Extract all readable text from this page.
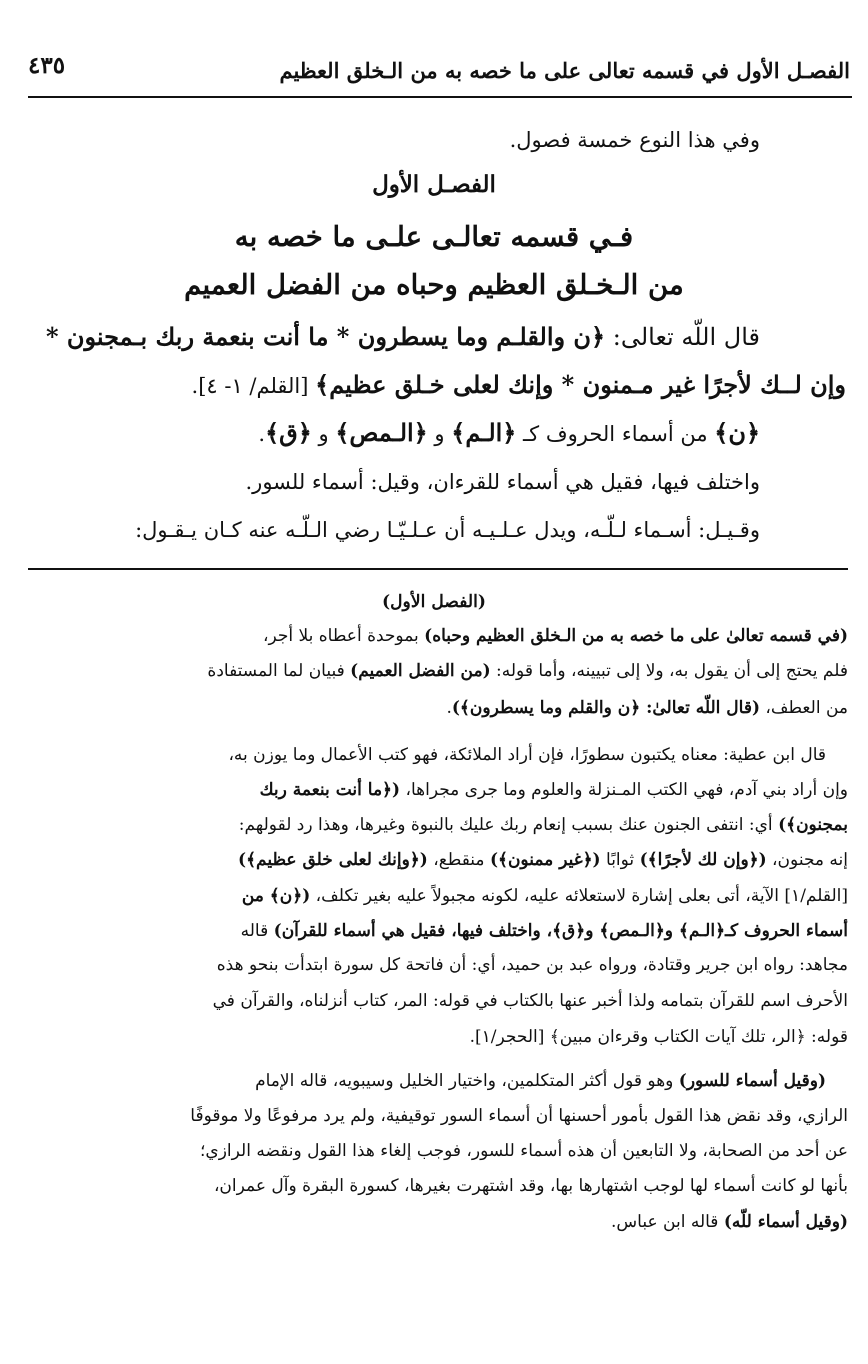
الفصـل الأول في قسمه تعالى على ما خصه به من الـخلق العظيم
٤٣٥
وفي هذا النوع خمسة فصول.
الفصـل الأول
فـي قسمه تعالـى علـى ما خصه به
من الـخـلق العظيم وحباه من الفضل العميم
قال اللّه تعالى: ﴿ن والقلـم وما يسطرون * ما أنت بنعمة ربك بـمجنون *
وإن لــك لأجرًا غير مـمنون * وإنك لعلى خـلق عظيم﴾ [القلم/ ١- ٤].
﴿ن﴾ من أسماء الحروف كـ ﴿الـم﴾ و ﴿الـمص﴾ و ﴿ق﴾.
واختلف فيها، فقيل هي أسماء للقرءان، وقيل: أسماء للسور.
وقـيـل: أسـماء لـلّـه، ويدل عـلـيـه أن عـلـيّـا رضي الـلّـه عنه كـان يـقـول:
(الفصل الأول)
(في قسمه تعالىٰ على ما خصه به من الـخلق العظيم وحباه) بموحدة أعطاه بلا أجر،
فلم يحتج إلى أن يقول به، ولا إلى تبيينه، وأما قوله: (من الفضل العميم) فبيان لما المستفادة
من العطف، (قال اللّه تعالىٰ: ﴿ن والقلم وما يسطرون﴾).
قال ابن عطية: معناه يكتبون سطورًا، فإن أراد الملائكة، فهو كتب الأعمال وما يوزن به،
وإن أراد بني آدم، فهي الكتب المـنزلة والعلوم وما جرى مجراها، (﴿ما أنت بنعمة ربك
بمجنون﴾) أي: انتفى الجنون عنك بسبب إنعام ربك عليك بالنبوة وغيرها، وهذا رد لقولهم:
إنه مجنون، (﴿وإن لك لأجرًا﴾) ثوابًا (﴿غير ممنون﴾) منقطع، (﴿وإنك لعلى خلق عظيم﴾)
[القلم/١] الآية، أتى بعلى إشارة لاستعلائه عليه، لكونه مجبولاً عليه بغير تكلف، (﴿ن﴾ من
أسماء الحروف كـ﴿الـم﴾ و﴿الـمص﴾ و﴿ق﴾، واختلف فيها، فقيل هي أسماء للقرآن) قاله
مجاهد: رواه ابن جرير وقتادة، ورواه عبد بن حميد، أي: أن فاتحة كل سورة ابتدأت بنحو هذه
الأحرف اسم للقرآن بتمامه ولذا أخبر عنها بالكتاب في قوله: المر، كتاب أنزلناه، والقرآن في
قوله: ﴿الر، تلك آيات الكتاب وقرءان مبين﴾ [الحجر/١].
(وقيل أسماء للسور) وهو قول أكثر المتكلمين، واختيار الخليل وسيبويه، قاله الإمام
الرازي، وقد نقض هذا القول بأمور أحسنها أن أسماء السور توقيفية، ولم يرد مرفوعًا ولا موقوفًا
عن أحد من الصحابة، ولا التابعين أن هذه أسماء للسور، فوجب إلغاء هذا القول ونقضه الرازي؛
بأنها لو كانت أسماء لها لوجب اشتهارها بها، وقد اشتهرت بغيرها، كسورة البقرة وآل عمران،
(وقيل أسماء للّه) قاله ابن عباس.
